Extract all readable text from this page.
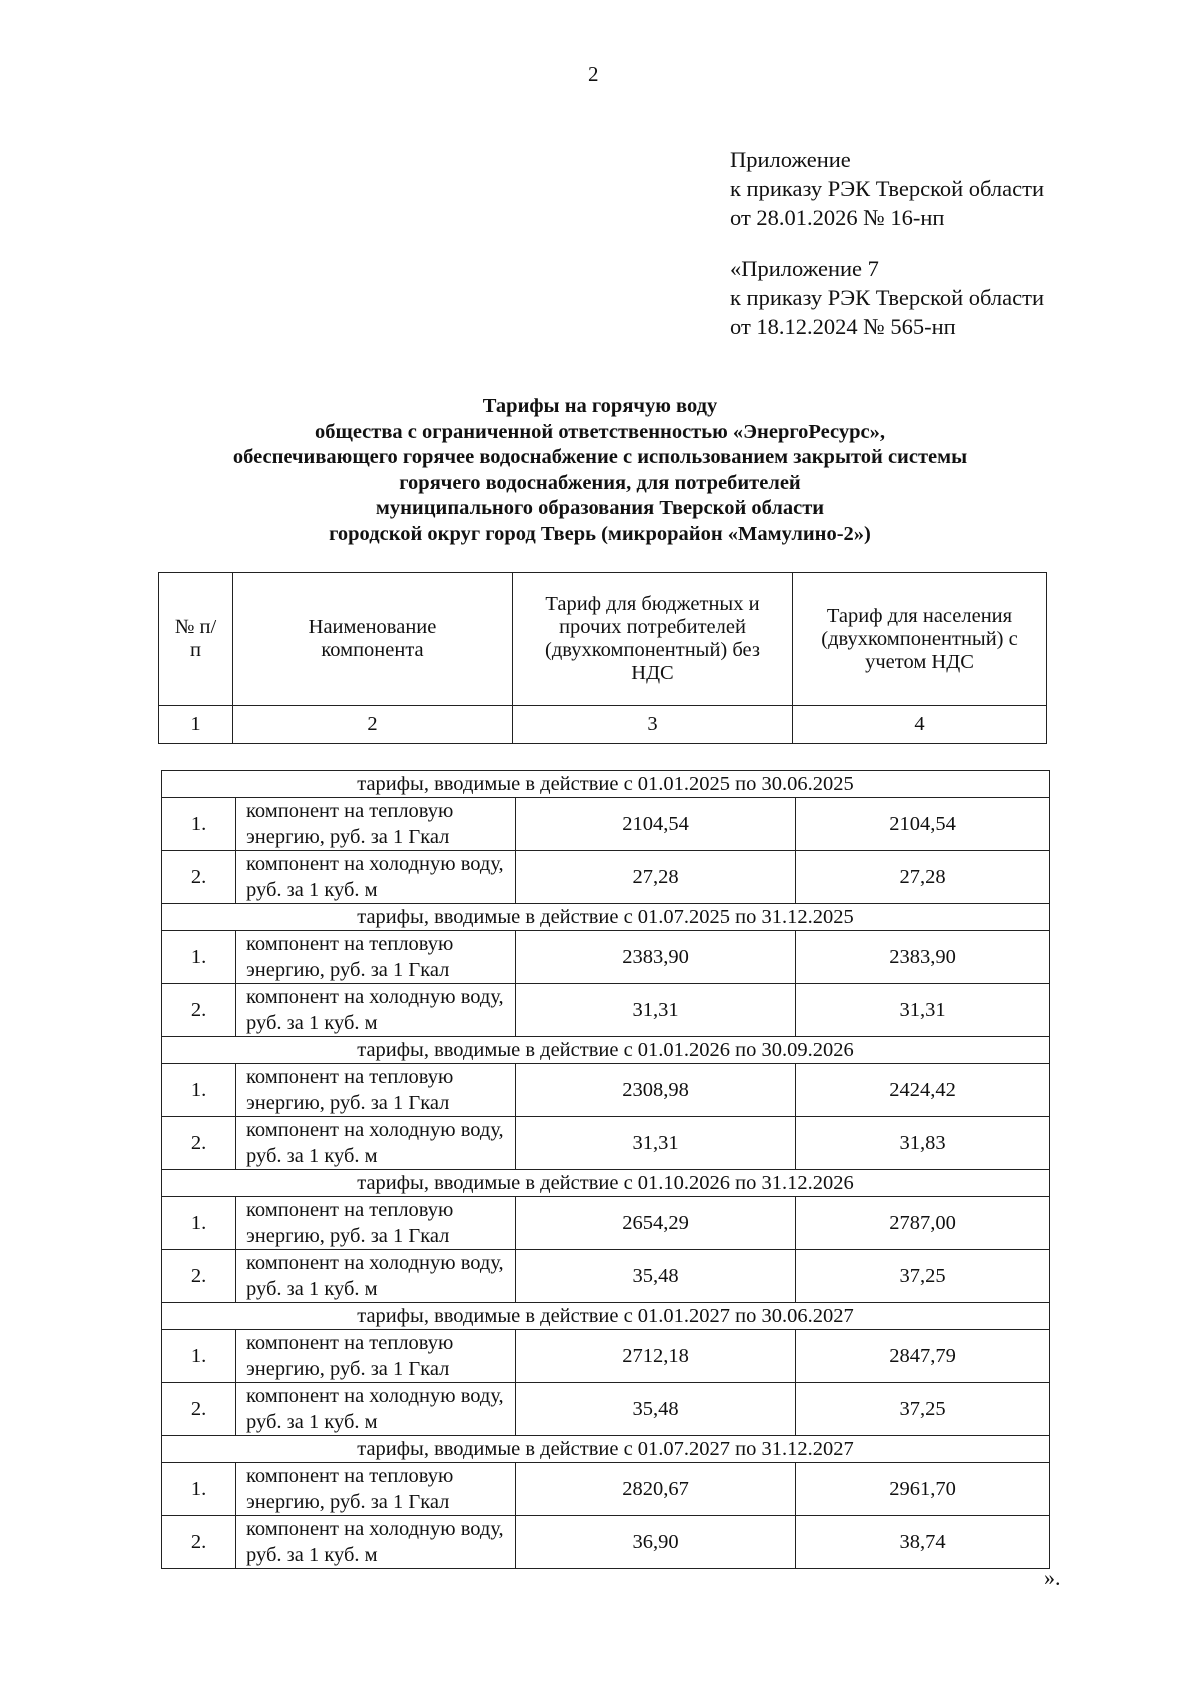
2
Приложение
к приказу РЭК Тверской области
от 28.01.2026 № 16-нп
«Приложение 7
к приказу РЭК Тверской области
от 18.12.2024 № 565-нп
Тарифы на горячую воду
общества с ограниченной ответственностью «ЭнергоРесурс»,
обеспечивающего горячее водоснабжение с использованием закрытой системы
горячего водоснабжения, для потребителей
муниципального образования Тверской области
городской округ город Тверь (микрорайон «Мамулино-2»)
№ п/п	Наименование компонента	Тариф для бюджетных и прочих потребителей (двухкомпонентный) без НДС	Тариф для населения (двухкомпонентный) с учетом НДС

1	2	3	4
тарифы, вводимые в действие с 01.01.2025 по 30.06.2025			
1.	компонент на тепловую энергию, руб. за 1 Гкал	2104,54	2104,54
2.	компонент на холодную воду, руб. за 1 куб. м	27,28	27,28
тарифы, вводимые в действие с 01.07.2025 по 31.12.2025			
1.	компонент на тепловую энергию, руб. за 1 Гкал	2383,90	2383,90
2.	компонент на холодную воду, руб. за 1 куб. м	31,31	31,31
тарифы, вводимые в действие с 01.01.2026 по 30.09.2026			
1.	компонент на тепловую энергию, руб. за 1 Гкал	2308,98	2424,42
2.	компонент на холодную воду, руб. за 1 куб. м	31,31	31,83
тарифы, вводимые в действие с 01.10.2026 по 31.12.2026			
1.	компонент на тепловую энергию, руб. за 1 Гкал	2654,29	2787,00
2.	компонент на холодную воду, руб. за 1 куб. м	35,48	37,25
тарифы, вводимые в действие с 01.01.2027 по 30.06.2027			
1.	компонент на тепловую энергию, руб. за 1 Гкал	2712,18	2847,79
2.	компонент на холодную воду, руб. за 1 куб. м	35,48	37,25
тарифы, вводимые в действие с 01.07.2027 по 31.12.2027			
1.	компонент на тепловую энергию, руб. за 1 Гкал	2820,67	2961,70
2.	компонент на холодную воду, руб. за 1 куб. м	36,90	38,74
».
